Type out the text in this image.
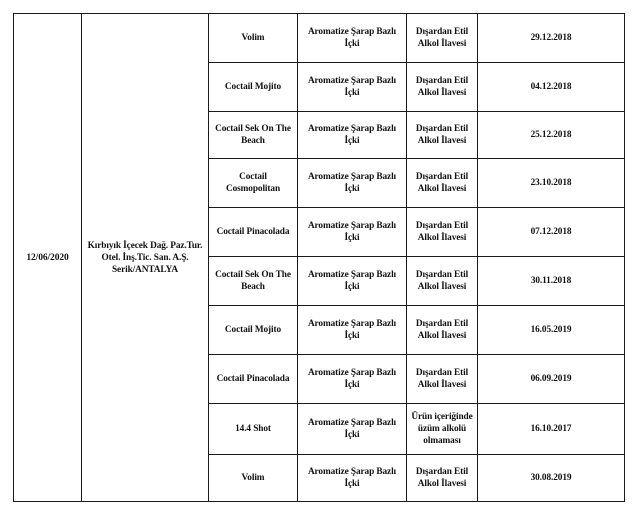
12/06/2020	Kırbıyık İçecek Dağ. Paz.Tur. Otel. İnş.Tic. San. A.Ş. Serik/ANTALYA	Volim	Aromatize Şarap Bazlı İçki	Dışardan Etil Alkol İlavesi	29.12.2018
		Coctail Mojito	Aromatize Şarap Bazlı İçki	Dışardan Etil Alkol İlavesi	04.12.2018
		Coctail Sek On The Beach	Aromatize Şarap Bazlı İçki	Dışardan Etil Alkol İlavesi	25.12.2018
		Coctail Cosmopolitan	Aromatize Şarap Bazlı İçki	Dışardan Etil Alkol İlavesi	23.10.2018
		Coctail Pinacolada	Aromatize Şarap Bazlı İçki	Dışardan Etil Alkol İlavesi	07.12.2018
		Coctail Sek On The Beach	Aromatize Şarap Bazlı İçki	Dışardan Etil Alkol İlavesi	30.11.2018
		Coctail Mojito	Aromatize Şarap Bazlı İçki	Dışardan Etil Alkol İlavesi	16.05.2019
		Coctail Pinacolada	Aromatize Şarap Bazlı İçki	Dışardan Etil Alkol İlavesi	06.09.2019
		14.4 Shot	Aromatize Şarap Bazlı İçki	Ürün içeriğinde üzüm alkolü olmaması	16.10.2017
		Volim	Aromatize Şarap Bazlı İçki	Dışardan Etil Alkol İlavesi	30.08.2019
